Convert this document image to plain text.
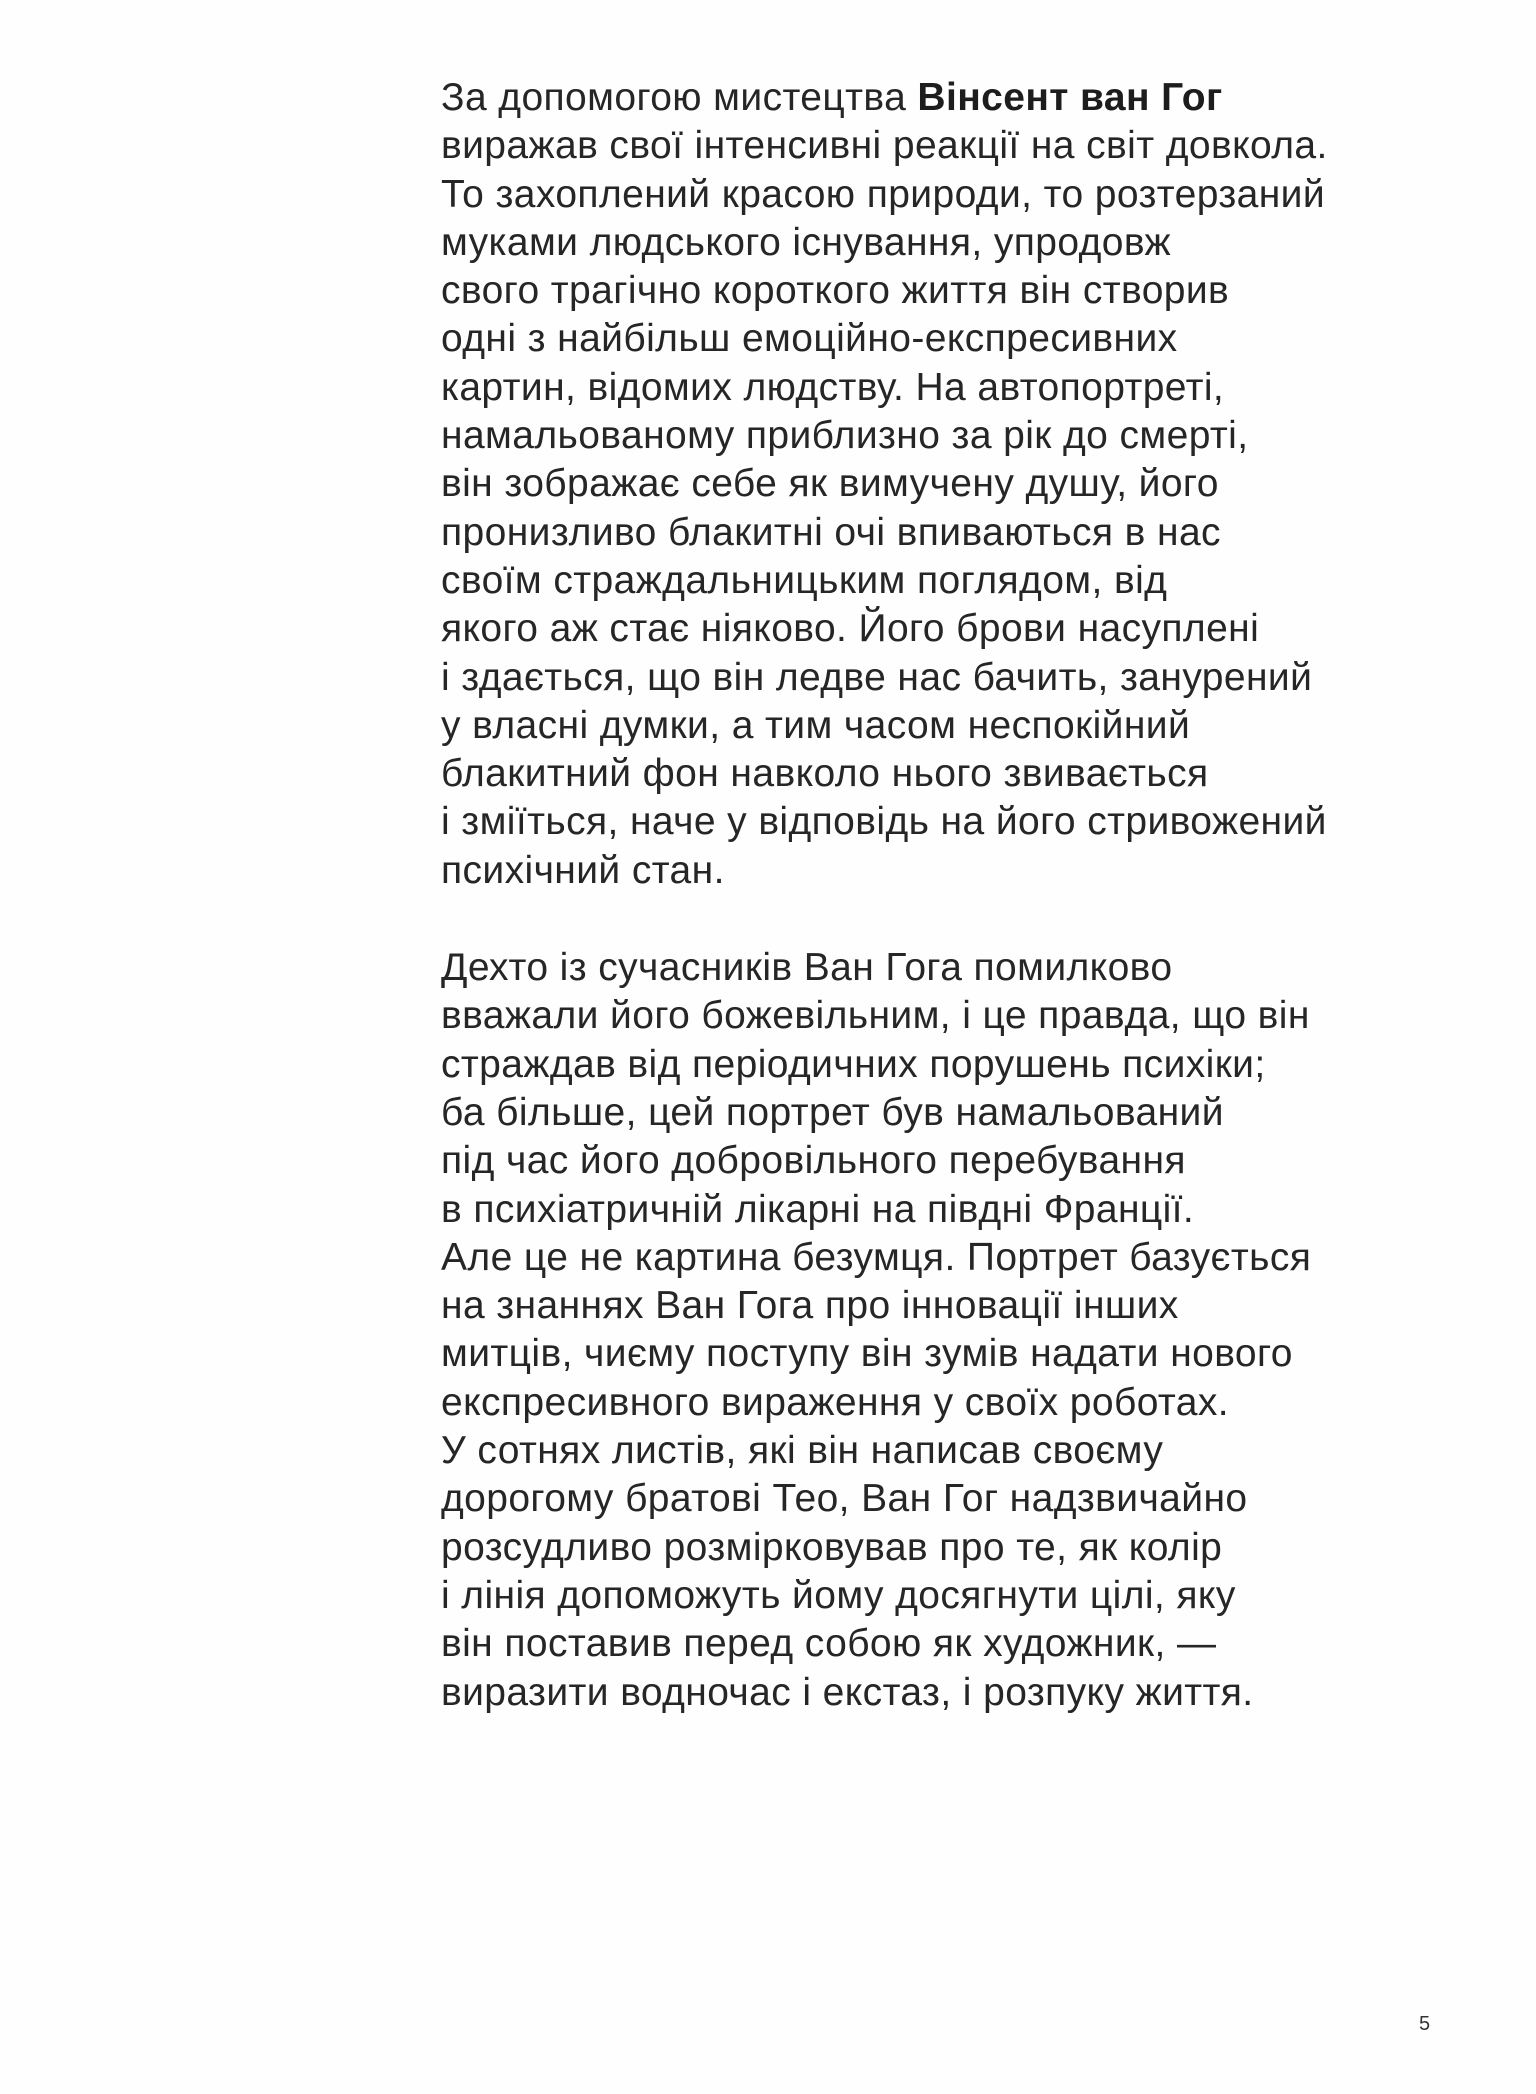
За допомогою мистецтва Вінсент ван Гог
виражав свої інтенсивні реакції на світ довкола.
То захоплений красою природи, то розтерзаний
муками людського існування, упродовж
свого трагічно короткого життя він створив
одні з найбільш емоційно-експресивних
картин, відомих людству. На автопортреті,
намальованому приблизно за рік до смерті,
він зображає себе як вимучену душу, його
пронизливо блакитні очі впиваються в нас
своїм страждальницьким поглядом, від
якого аж стає ніяково. Його брови насуплені
і здається, що він ледве нас бачить, занурений
у власні думки, а тим часом неспокійний
блакитний фон навколо нього звивається
і зміїться, наче у відповідь на його стривожений
психічний стан.

Дехто із сучасників Ван Гога помилково
вважали його божевільним, і це правда, що він
страждав від періодичних порушень психіки;
ба більше, цей портрет був намальований
під час його добровільного перебування
в психіатричній лікарні на півдні Франції.
Але це не картина безумця. Портрет базується
на знаннях Ван Гога про інновації інших
митців, чиєму поступу він зумів надати нового
експресивного вираження у своїх роботах.
У сотнях листів, які він написав своєму
дорогому братові Тео, Ван Гог надзвичайно
розсудливо розмірковував про те, як колір
і лінія допоможуть йому досягнути цілі, яку
він поставив перед собою як художник, —
виразити водночас і екстаз, і розпуку життя.

5
